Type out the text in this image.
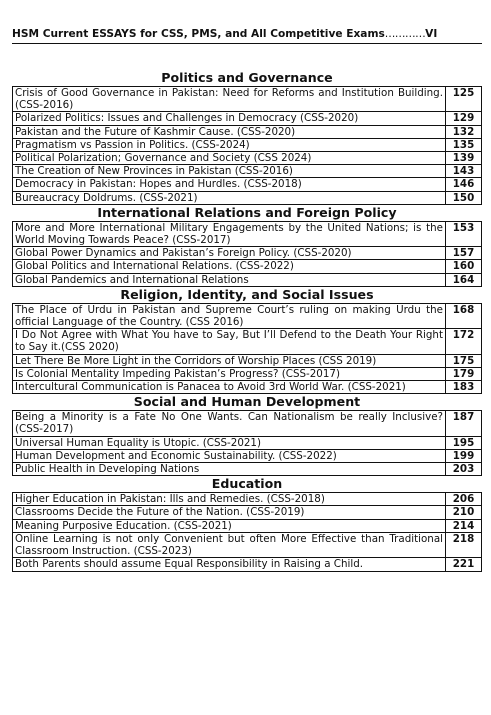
HSM Current ESSAYS for CSS, PMS, and All Competitive Exams ………… VI
Politics and Governance
Crisis of Good Governance in Pakistan: Need for Reforms and Institution Building.(CSS-2016)	125
Polarized Politics: Issues and Challenges in Democracy (CSS-2020)	129
Pakistan and the Future of Kashmir Cause. (CSS-2020)	132
Pragmatism vs Passion in Politics. (CSS-2024)	135
Political Polarization; Governance and Society (CSS 2024)	139
The Creation of New Provinces in Pakistan (CSS-2016)	143
Democracy in Pakistan: Hopes and Hurdles. (CSS-2018)	146
Bureaucracy Doldrums. (CSS-2021)	150
International Relations and Foreign Policy
More and More International Military Engagements by the United Nations; is the World Moving Towards Peace? (CSS-2017)	153
Global Power Dynamics and Pakistan’s Foreign Policy. (CSS-2020)	157
Global Politics and International Relations. (CSS-2022)	160
Global Pandemics and International Relations	164
Religion, Identity, and Social Issues
The Place of Urdu in Pakistan and Supreme Court’s ruling on making Urdu the official Language of the Country. (CSS 2016)	168
I Do Not Agree with What You have to Say, But I’ll Defend to the Death Your Right to Say it.(CSS 2020)	172
Let There Be More Light in the Corridors of Worship Places (CSS 2019)	175
Is Colonial Mentality Impeding Pakistan’s Progress? (CSS-2017)	179
Intercultural Communication is Panacea to Avoid 3rd World War. (CSS-2021)	183
Social and Human Development
Being a Minority is a Fate No One Wants. Can Nationalism be really Inclusive? (CSS-2017)	187
Universal Human Equality is Utopic. (CSS-2021)	195
Human Development and Economic Sustainability. (CSS-2022)	199
Public Health in Developing Nations	203
Education
Higher Education in Pakistan: Ills and Remedies. (CSS-2018)	206
Classrooms Decide the Future of the Nation. (CSS-2019)	210
Meaning Purposive Education. (CSS-2021)	214
Online Learning is not only Convenient but often More Effective than Traditional Classroom Instruction. (CSS-2023)	218
Both Parents should assume Equal Responsibility in Raising a Child.	221
